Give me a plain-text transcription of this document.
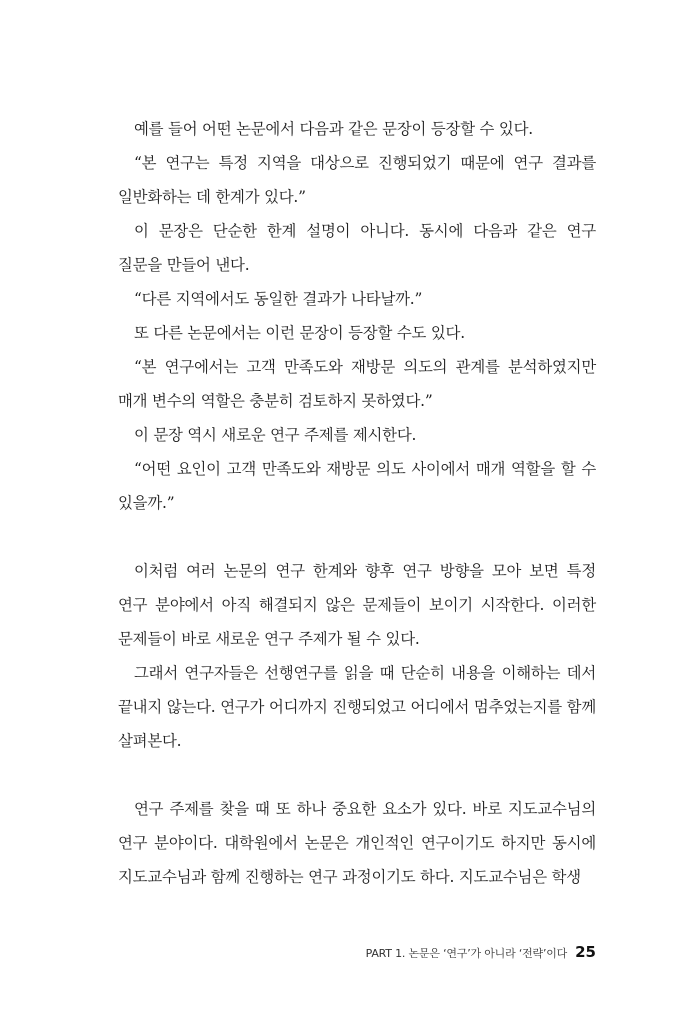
예를 들어 어떤 논문에서 다음과 같은 문장이 등장할 수 있다.

“본 연구는 특정 지역을 대상으로 진행되었기 때문에 연구 결과를 일반화하는 데 한계가 있다.”

이 문장은 단순한 한계 설명이 아니다. 동시에 다음과 같은 연구 질문을 만들어 낸다.

“다른 지역에서도 동일한 결과가 나타날까.”

또 다른 논문에서는 이런 문장이 등장할 수도 있다.

“본 연구에서는 고객 만족도와 재방문 의도의 관계를 분석하였지만 매개 변수의 역할은 충분히 검토하지 못하였다.”

이 문장 역시 새로운 연구 주제를 제시한다.

“어떤 요인이 고객 만족도와 재방문 의도 사이에서 매개 역할을 할 수 있을까.”

이처럼 여러 논문의 연구 한계와 향후 연구 방향을 모아 보면 특정 연구 분야에서 아직 해결되지 않은 문제들이 보이기 시작한다. 이러한 문제들이 바로 새로운 연구 주제가 될 수 있다.

그래서 연구자들은 선행연구를 읽을 때 단순히 내용을 이해하는 데서 끝내지 않는다. 연구가 어디까지 진행되었고 어디에서 멈추었는지를 함께 살펴본다.

연구 주제를 찾을 때 또 하나 중요한 요소가 있다. 바로 지도교수님의 연구 분야이다. 대학원에서 논문은 개인적인 연구이기도 하지만 동시에 지도교수님과 함께 진행하는 연구 과정이기도 하다. 지도교수님은 학생

PART 1. 논문은 ‘연구’가 아니라 ‘전략’이다 25
